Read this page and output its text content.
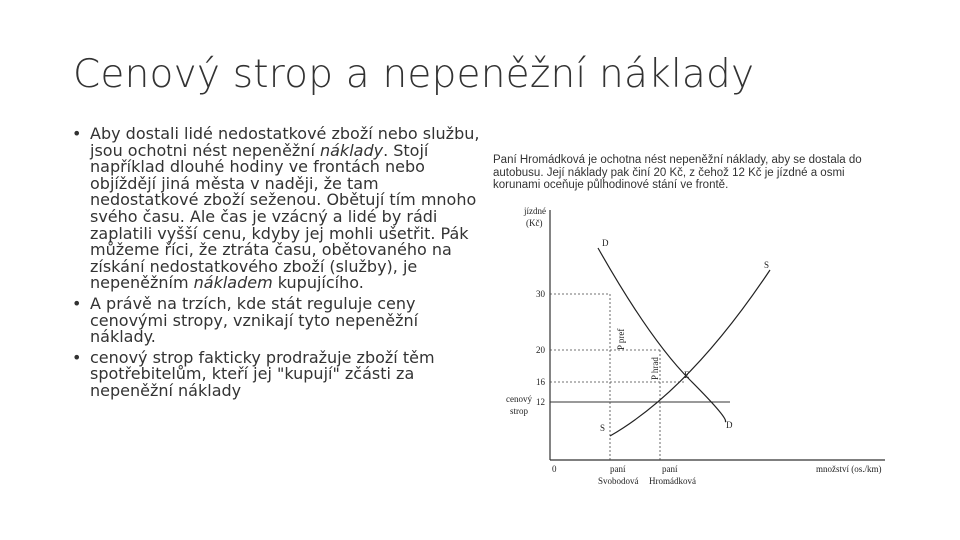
Cenový strop a nepeněžní náklady
• Aby dostali lidé nedostatkové zboží nebo službu, jsou ochotni nést nepeněžní náklady. Stojí například dlouhé hodiny ve frontách nebo objíždějí jiná města v naději, že tam nedostatkové zboží seženou. Obětují tím mnoho svého času. Ale čas je vzácný a lidé by rádi zaplatili vyšší cenu, kdyby jej mohli ušetřit. Pák můžeme říci, že ztráta času, obětovaného na získání nedostatkového zboží (služby), je nepeněžním nákladem kupujícího.
• A právě na trzích, kde stát reguluje ceny cenovými stropy, vznikají tyto nepeněžní náklady.
• cenový strop fakticky prodražuje zboží těm spotřebitelům, kteří jej "kupují" zčásti za nepeněžní náklady
Paní Hromádková je ochotna nést nepeněžní náklady, aby se dostala do autobusu. Její náklady pak činí 20 Kč, z čehož 12 Kč je jízdné a osmi korunami oceňuje půlhodinové stání ve frontě.
jízdné
(Kč)
D
D
S
S
E
30
20
16
12
cenový
strop
P pref
P hrad
0	paní
Svobodová
paní
Hromádková
množství (os./km)
